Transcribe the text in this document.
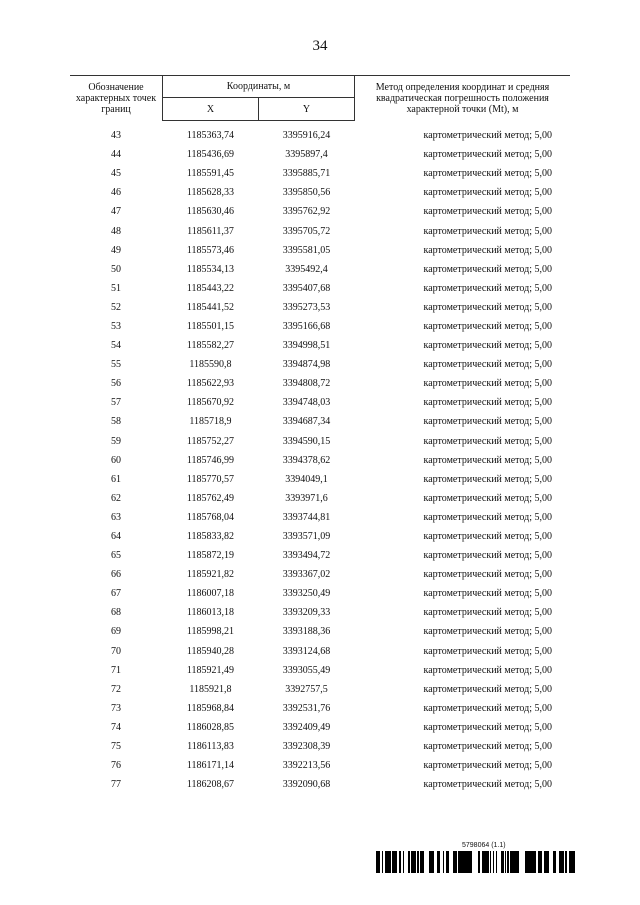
34
Обозначение характерных точек границ	Координаты, м		Метод определения координат и средняя квадратическая погрешность положения характерной точки (Mt), м
	X	Y	

43	1185363,74	3395916,24	картометрический метод; 5,00
44	1185436,69	3395897,4	картометрический метод; 5,00
45	1185591,45	3395885,71	картометрический метод; 5,00
46	1185628,33	3395850,56	картометрический метод; 5,00
47	1185630,46	3395762,92	картометрический метод; 5,00
48	1185611,37	3395705,72	картометрический метод; 5,00
49	1185573,46	3395581,05	картометрический метод; 5,00
50	1185534,13	3395492,4	картометрический метод; 5,00
51	1185443,22	3395407,68	картометрический метод; 5,00
52	1185441,52	3395273,53	картометрический метод; 5,00
53	1185501,15	3395166,68	картометрический метод; 5,00
54	1185582,27	3394998,51	картометрический метод; 5,00
55	1185590,8	3394874,98	картометрический метод; 5,00
56	1185622,93	3394808,72	картометрический метод; 5,00
57	1185670,92	3394748,03	картометрический метод; 5,00
58	1185718,9	3394687,34	картометрический метод; 5,00
59	1185752,27	3394590,15	картометрический метод; 5,00
60	1185746,99	3394378,62	картометрический метод; 5,00
61	1185770,57	3394049,1	картометрический метод; 5,00
62	1185762,49	3393971,6	картометрический метод; 5,00
63	1185768,04	3393744,81	картометрический метод; 5,00
64	1185833,82	3393571,09	картометрический метод; 5,00
65	1185872,19	3393494,72	картометрический метод; 5,00
66	1185921,82	3393367,02	картометрический метод; 5,00
67	1186007,18	3393250,49	картометрический метод; 5,00
68	1186013,18	3393209,33	картометрический метод; 5,00
69	1185998,21	3393188,36	картометрический метод; 5,00
70	1185940,28	3393124,68	картометрический метод; 5,00
71	1185921,49	3393055,49	картометрический метод; 5,00
72	1185921,8	3392757,5	картометрический метод; 5,00
73	1185968,84	3392531,76	картометрический метод; 5,00
74	1186028,85	3392409,49	картометрический метод; 5,00
75	1186113,83	3392308,39	картометрический метод; 5,00
76	1186171,14	3392213,56	картометрический метод; 5,00
77	1186208,67	3392090,68	картометрический метод; 5,00
5798064 (1.1)
